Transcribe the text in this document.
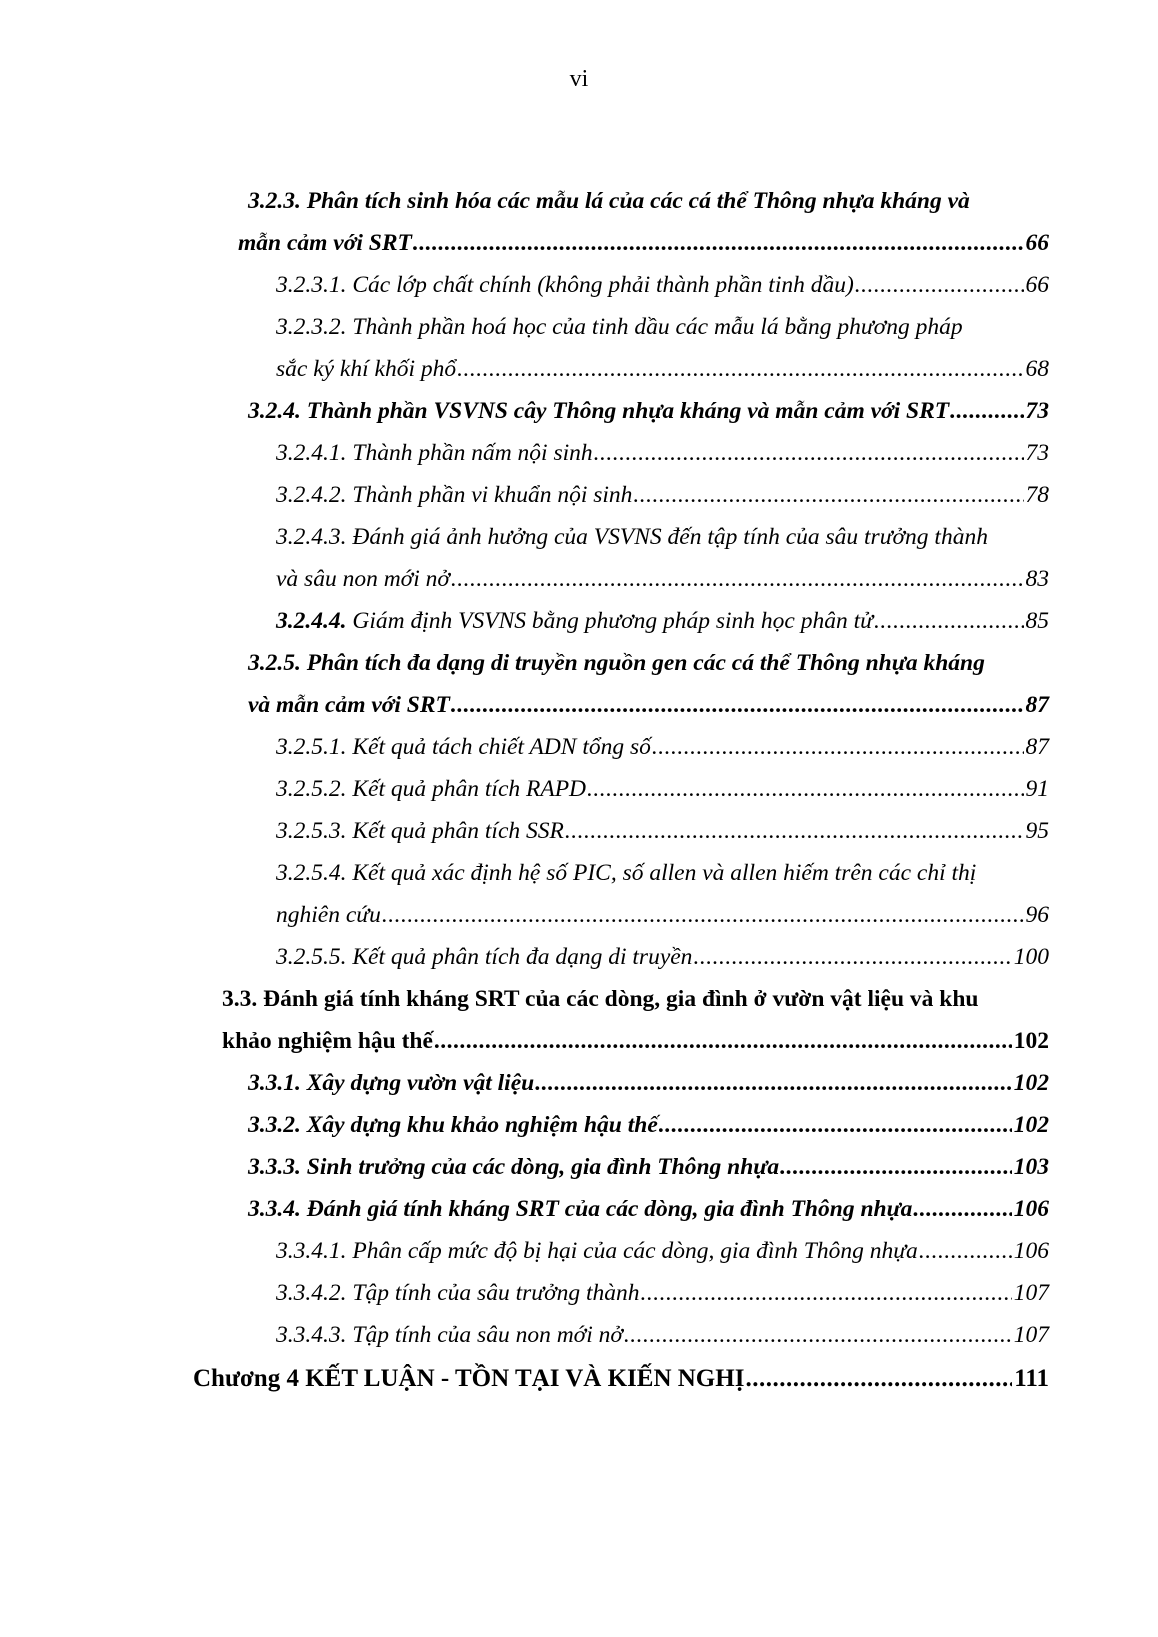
vi
3.2.3. Phân tích sinh hóa các mẫu lá của các cá thể Thông nhựa kháng và
mẫn cảm với SRT .....	66
3.2.3.1. Các lớp chất chính (không phải thành phần tinh dầu) .....	66
3.2.3.2. Thành phần hoá học của tinh dầu các mẫu lá bằng phương pháp
sắc ký khí khối phổ .....	68
3.2.4. Thành phần VSVNS cây Thông nhựa kháng và mẫn cảm với SRT .....	73
3.2.4.1. Thành phần nấm nội sinh .....	73
3.2.4.2. Thành phần vi khuẩn nội sinh .....	78
3.2.4.3. Đánh giá ảnh hưởng của VSVNS đến tập tính của sâu trưởng thành
và sâu non mới nở .....	83
3.2.4.4. Giám định VSVNS bằng phương pháp sinh học phân tử .....	85
3.2.5. Phân tích đa dạng di truyền nguồn gen các cá thể Thông nhựa kháng
và mẫn cảm với SRT .....	87
3.2.5.1. Kết quả tách chiết ADN tổng số .....	87
3.2.5.2. Kết quả phân tích RAPD .....	91
3.2.5.3. Kết quả phân tích SSR .....	95
3.2.5.4. Kết quả xác định hệ số PIC, số allen và allen hiếm trên các chỉ thị
nghiên cứu .....	96
3.2.5.5. Kết quả phân tích đa dạng di truyền .....	100
3.3. Đánh giá tính kháng SRT của các dòng, gia đình ở vườn vật liệu và khu
khảo nghiệm hậu thế .....	102
3.3.1. Xây dựng vườn vật liệu .....	102
3.3.2. Xây dựng khu khảo nghiệm hậu thế .....	102
3.3.3. Sinh trưởng của các dòng, gia đình Thông nhựa .....	103
3.3.4. Đánh giá tính kháng SRT của các dòng, gia đình Thông nhựa .....	106
3.3.4.1. Phân cấp mức độ bị hại của các dòng, gia đình Thông nhựa .....	106
3.3.4.2. Tập tính của sâu trưởng thành .....	107
3.3.4.3. Tập tính của sâu non mới nở .....	107
Chương 4 KẾT LUẬN - TỒN TẠI VÀ KIẾN NGHỊ .....	111
